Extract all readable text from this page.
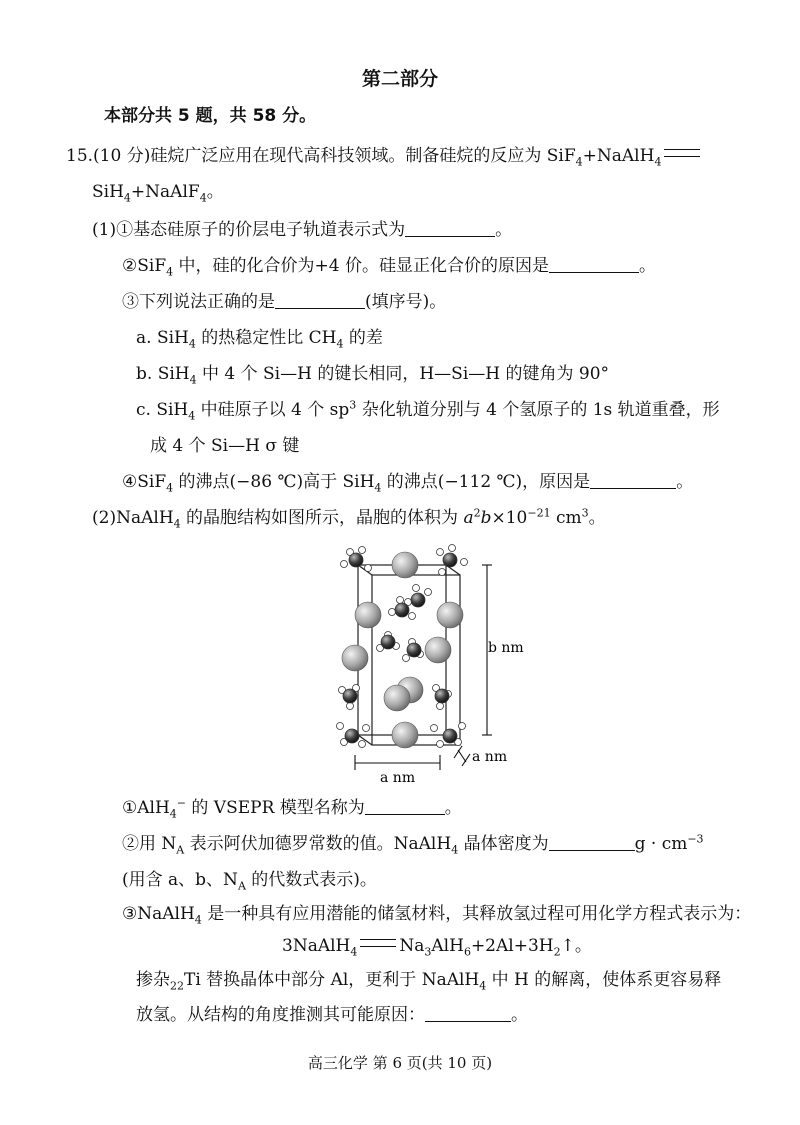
第二部分
本部分共 5 题，共 58 分。
15.(10 分)硅烷广泛应用在现代高科技领域。制备硅烷的反应为 SiF$_4$+NaAlH$_4$
SiH$_4$+NaAlF$_4$。
(1)①基态硅原子的价层电子轨道表示式为	。
②SiF$_4$ 中，硅的化合价为+4 价。硅显正化合价的原因是	。
③下列说法正确的是	(填序号)。
a. SiH$_4$ 的热稳定性比 $CH_4$ 的差
b. SiH$_4$ 中 4 个 Si—H 的键长相同，H—Si—H 的键角为 90°
c. SiH$_4$ 中硅原子以 4 个 $sp^3$ 杂化轨道分别与 4 个氢原子的 1s 轨道重叠，形
成 4 个 Si—H σ 键
④SiF$_4$ 的沸点(−86 ℃)高于 SiH$_4$ 的沸点(−112 ℃)，原因是	。
(2)NaAlH$_4$ 的晶胞结构如图所示，晶胞的体积为 $a^2b\times 10^{-21}$ $cm^3$。
b nm
a nm
a nm
①AlH$_4$− 的 VSEPR 模型名称为	。
②用 $N_A$ 表示阿伏加德罗常数的值。NaAlH$_4$ 晶体密度为	$g \cdot cm^{-3}$
(用含 a、b、$N_A$ 的代数式表示)。
③NaAlH$_4$ 是一种具有应用潜能的储氢材料，其释放氢过程可用化学方程式表示为：
3NaAlH$_4$ $Na_3AlH_6+2Al+3H_2↑$。
掺杂$_{22}$Ti 替换晶体中部分 Al，更利于 NaAlH$_4$ 中 H 的解离，使体系更容易释
放氢。从结构的角度推测其可能原因：	。
高三化学 第 6 页(共 10 页)
